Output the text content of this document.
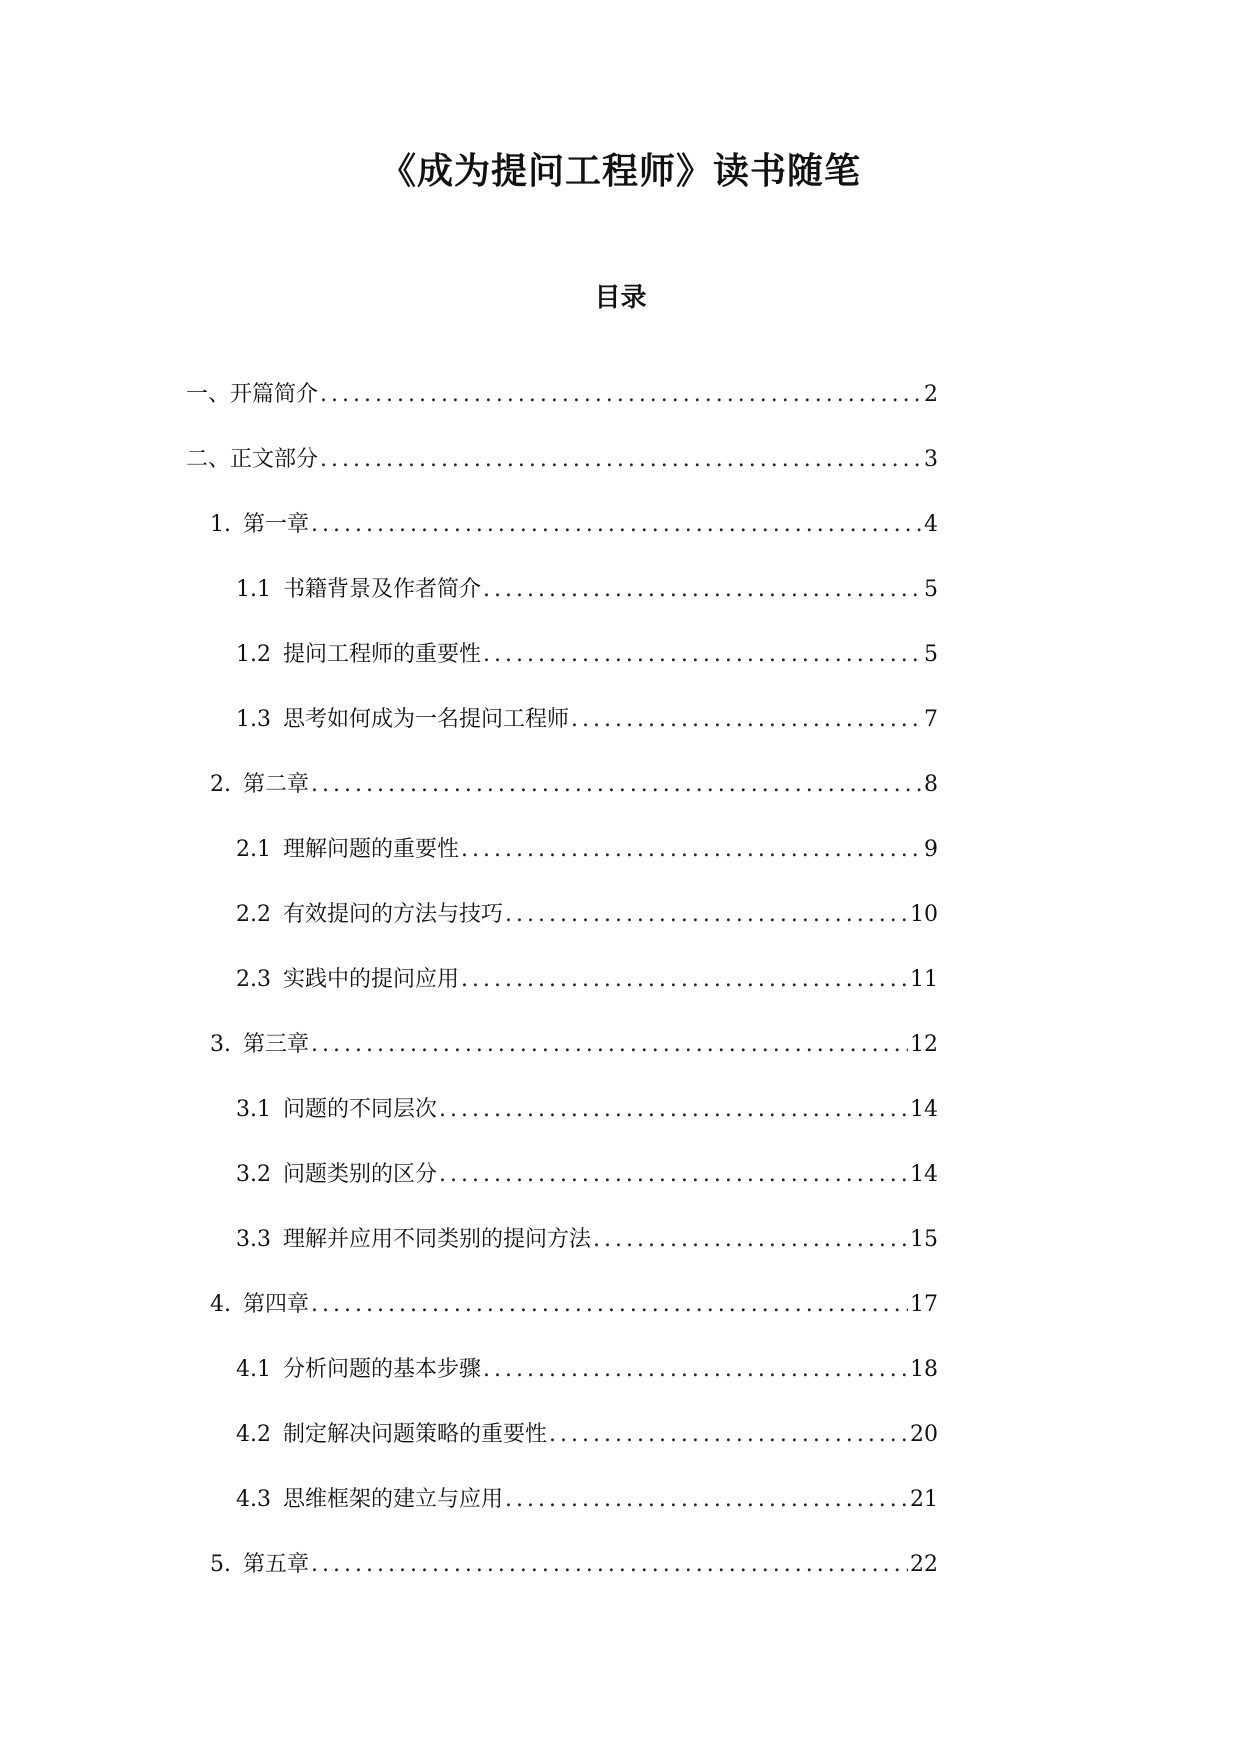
《成为提问工程师》读书随笔
目录
一、开篇简介 .....	2
二、正文部分 .....	3
1. 第一章 .....	4
1.1 书籍背景及作者简介 .....	5
1.2 提问工程师的重要性 .....	5
1.3 思考如何成为一名提问工程师 .....	7
2. 第二章 .....	8
2.1 理解问题的重要性 .....	9
2.2 有效提问的方法与技巧 .....	10
2.3 实践中的提问应用 .....	11
3. 第三章 .....	12
3.1 问题的不同层次 .....	14
3.2 问题类别的区分 .....	14
3.3 理解并应用不同类别的提问方法 .....	15
4. 第四章 .....	17
4.1 分析问题的基本步骤 .....	18
4.2 制定解决问题策略的重要性 .....	20
4.3 思维框架的建立与应用 .....	21
5. 第五章 .....	22
